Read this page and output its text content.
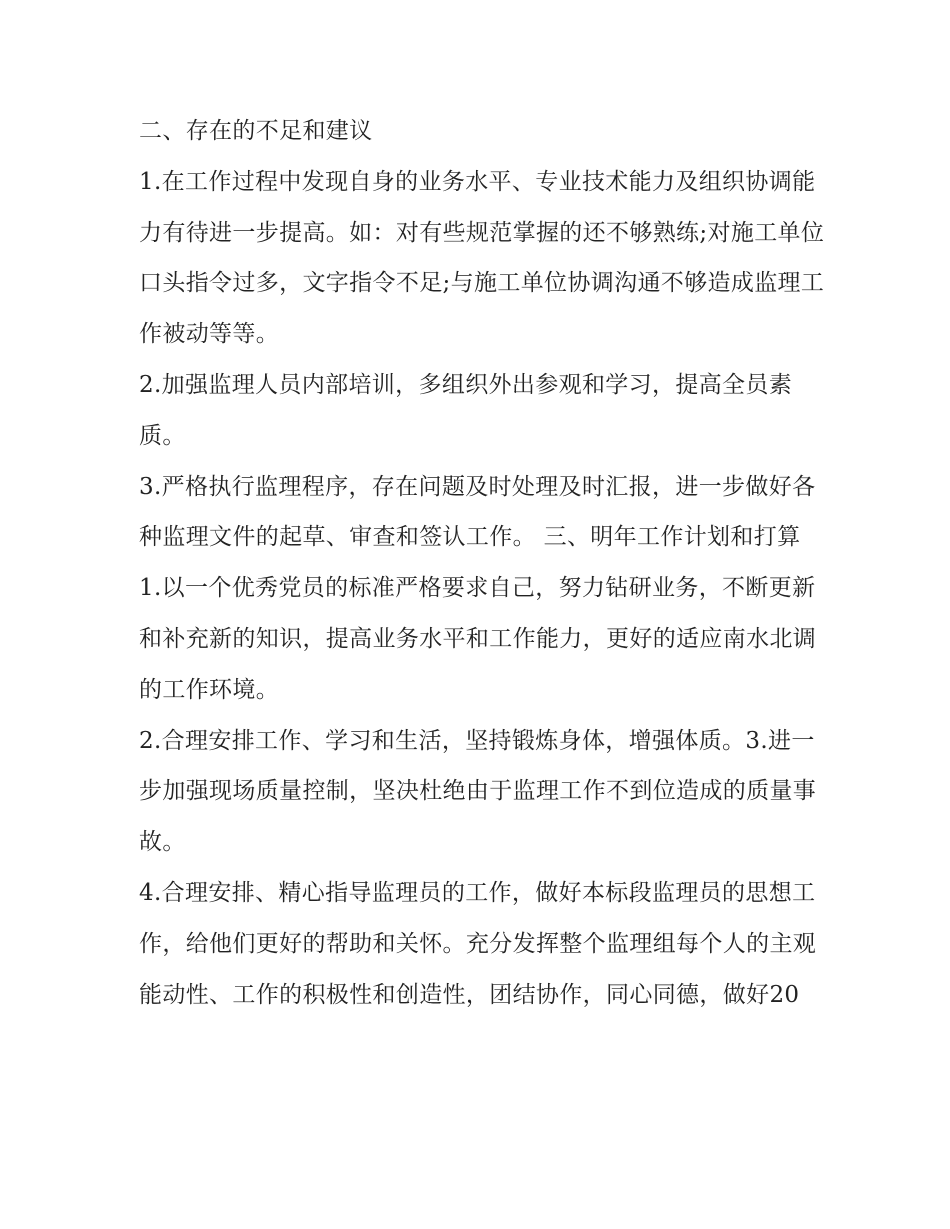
二、存在的不足和建议

1.在工作过程中发现自身的业务水平、专业技术能力及组织协调能力有待进一步提高。如：对有些规范掌握的还不够熟练;对施工单位口头指令过多，文字指令不足;与施工单位协调沟通不够造成监理工作被动等等。

2.加强监理人员内部培训，多组织外出参观和学习，提高全员素质。

3.严格执行监理程序，存在问题及时处理及时汇报，进一步做好各种监理文件的起草、审查和签认工作。 三、明年工作计划和打算

1.以一个优秀党员的标准严格要求自己，努力钻研业务，不断更新和补充新的知识，提高业务水平和工作能力，更好的适应南水北调的工作环境。

2.合理安排工作、学习和生活，坚持锻炼身体，增强体质。3.进一步加强现场质量控制，坚决杜绝由于监理工作不到位造成的质量事故。

4.合理安排、精心指导监理员的工作，做好本标段监理员的思想工作，给他们更好的帮助和关怀。充分发挥整个监理组每个人的主观能动性、工作的积极性和创造性，团结协作，同心同德，做好20
